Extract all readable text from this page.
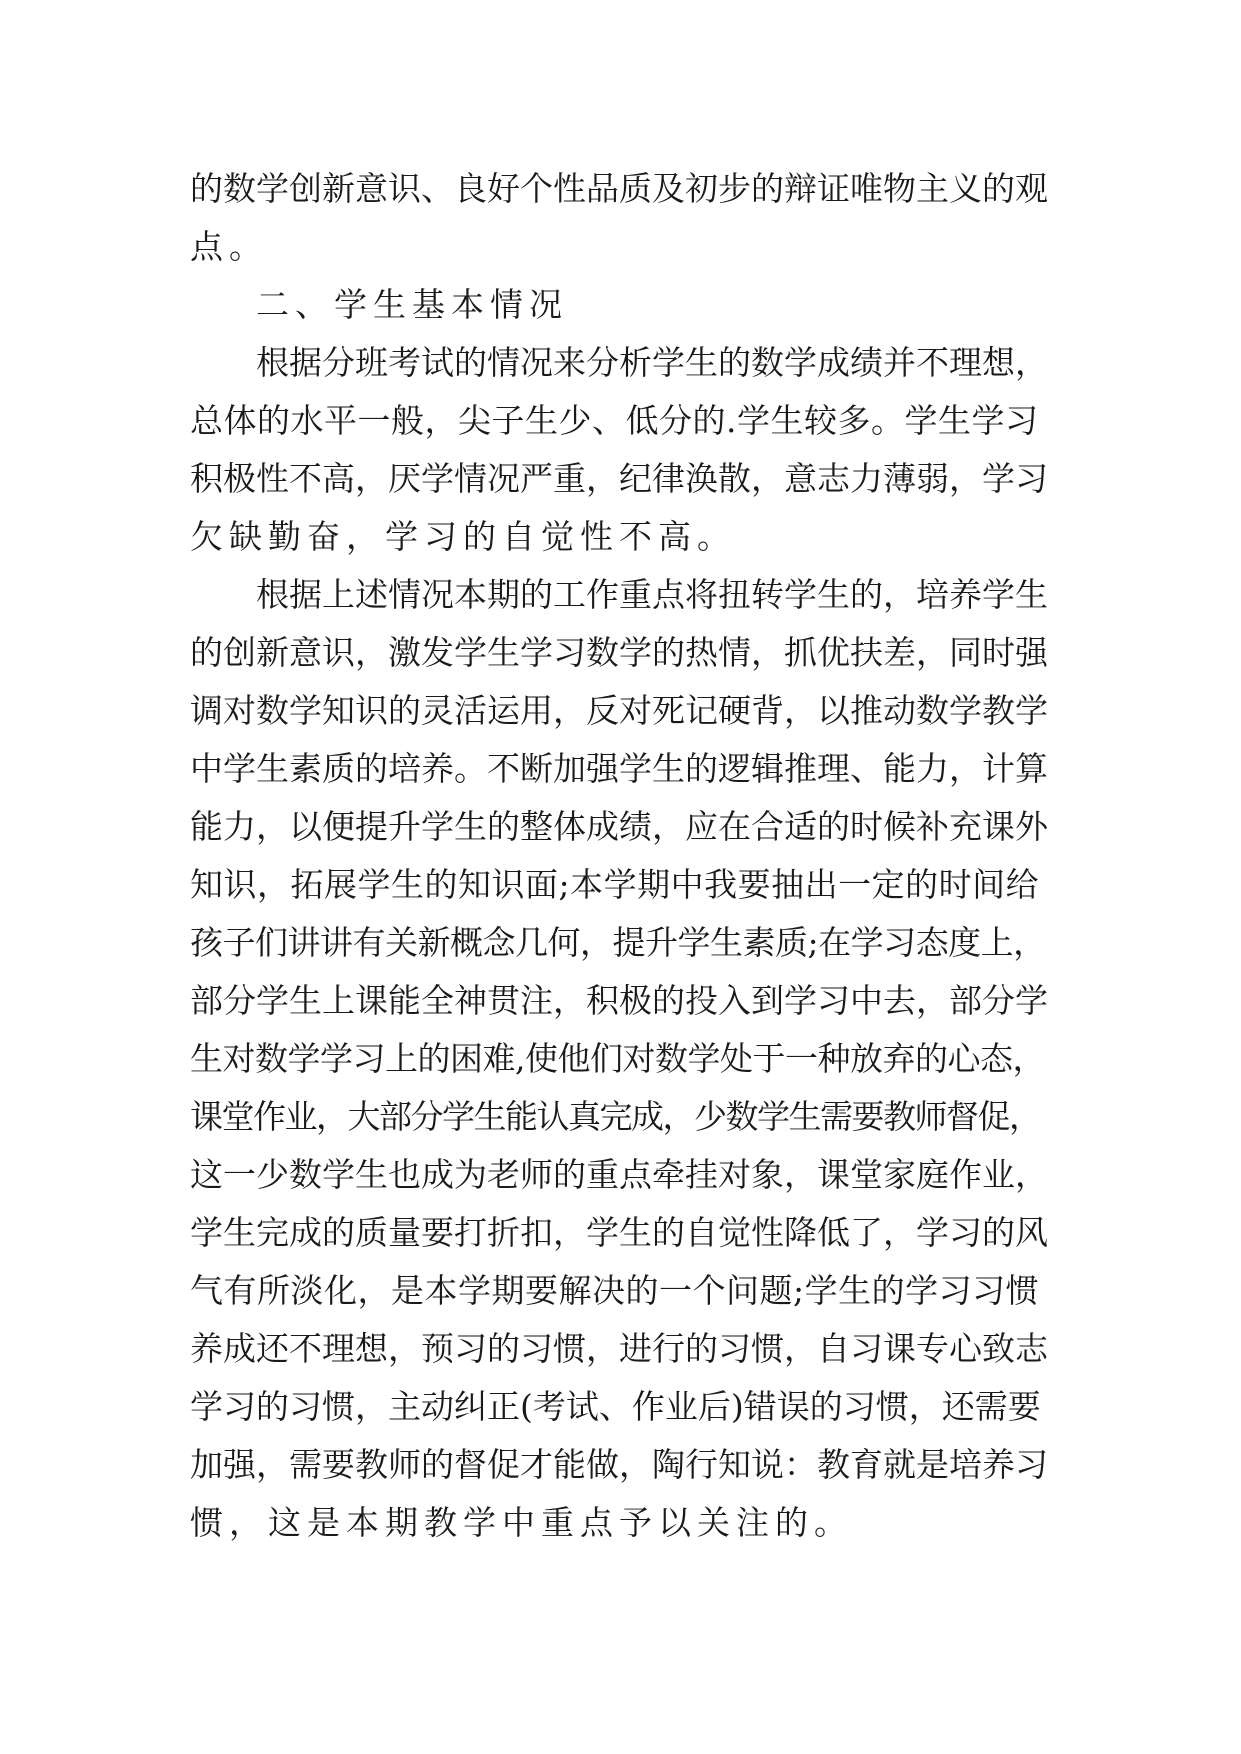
的数学创新意识、良好个性品质及初步的辩证唯物主义的观
点。
二、学生基本情况
根据分班考试的情况来分析学生的数学成绩并不理想，
总体的水平一般，尖子生少、低分的.学生较多。学生学习
积极性不高，厌学情况严重，纪律涣散，意志力薄弱，学习
欠缺勤奋，学习的自觉性不高。
根据上述情况本期的工作重点将扭转学生的，培养学生
的创新意识，激发学生学习数学的热情，抓优扶差，同时强
调对数学知识的灵活运用，反对死记硬背，以推动数学教学
中学生素质的培养。不断加强学生的逻辑推理、能力，计算
能力，以便提升学生的整体成绩，应在合适的时候补充课外
知识，拓展学生的知识面;本学期中我要抽出一定的时间给
孩子们讲讲有关新概念几何，提升学生素质;在学习态度上，
部分学生上课能全神贯注，积极的投入到学习中去，部分学
生对数学学习上的困难,使他们对数学处于一种放弃的心态，
课堂作业，大部分学生能认真完成，少数学生需要教师督促，
这一少数学生也成为老师的重点牵挂对象，课堂家庭作业，
学生完成的质量要打折扣，学生的自觉性降低了，学习的风
气有所淡化，是本学期要解决的一个问题;学生的学习习惯
养成还不理想，预习的习惯，进行的习惯，自习课专心致志
学习的习惯，主动纠正(考试、作业后)错误的习惯，还需要
加强，需要教师的督促才能做，陶行知说：教育就是培养习
惯，这是本期教学中重点予以关注的。
